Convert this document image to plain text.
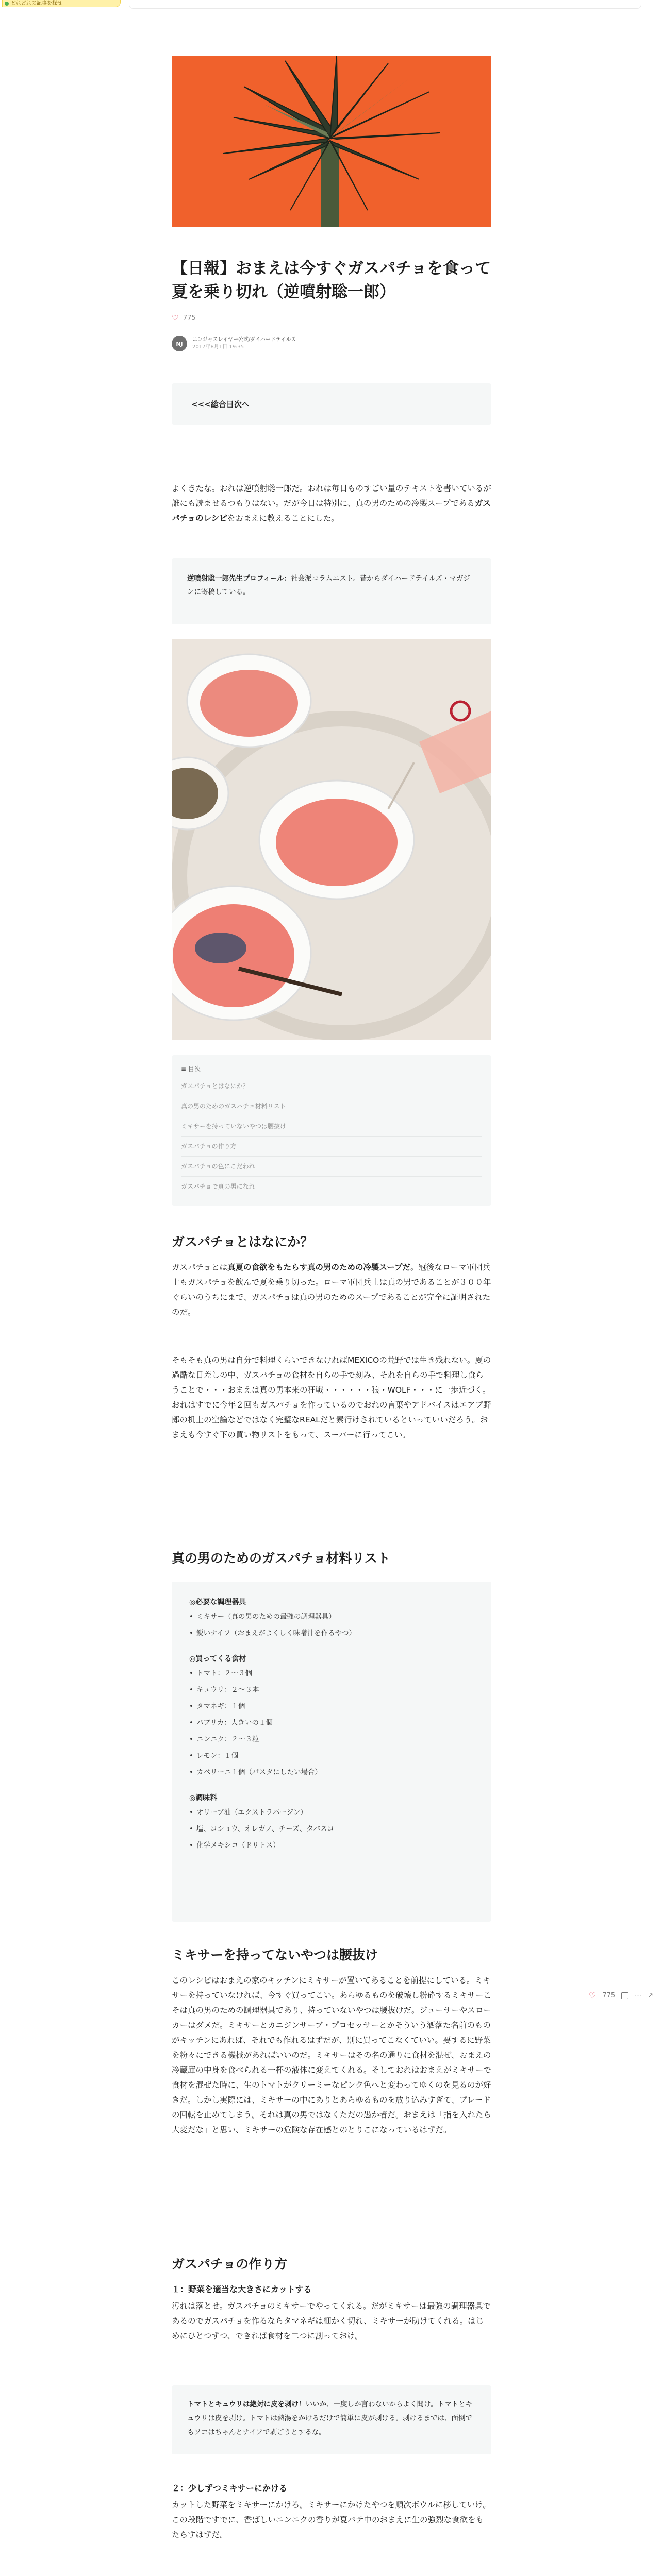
どれどれの記事を探せ
【日報】おまえは今すぐガスパチョを食って夏を乗り切れ（逆噴射聡一郎）
♡ 775
NJ
ニンジャスレイヤー公式/ダイハードテイルズ
2017年8月1日 19:35
<<<総合目次へ

よくきたな。おれは逆噴射聡一郎だ。おれは毎日ものすごい量のテキストを書いているが誰にも読ませるつもりはない。だが今日は特別に、真の男のための冷製スープであるガスパチョのレシピをおまえに教えることにした。

逆噴射聡一郎先生プロフィール：社会派コラムニスト。昔からダイハードテイルズ・マガジンに寄稿している。
≡ 目次
ガスパチョとはなにか？
真の男のためのガスパチョ材料リスト
ミキサーを持っていないやつは腰抜け
ガスパチョの作り方
ガスパチョの色にこだわれ
ガスパチョで真の男になれ
ガスパチョとはなにか？

ガスパチョとは真夏の食欲をもたらす真の男のための冷製スープだ。冠後なローマ軍団兵士もガスパチョを飲んで夏を乗り切った。ローマ軍団兵士は真の男であることが３００年ぐらいのうちにまで、ガスパチョは真の男のためのスープであることが完全に証明されたのだ。

そもそも真の男は自分で料理くらいできなければMEXICOの荒野では生き残れない。夏の過酷な日差しの中、ガスパチョの食材を自らの手で刻み、それを自らの手で料理し食らうことで・・・おまえは真の男本来の狂戦・・・・・・狼・WOLF・・・に一歩近づく。おれはすでに今年２回もガスパチョを作っているのでおれの言葉やアドバイスはエアブ野郎の机上の空論などではなく完璧なREALだと素行けされているといっていいだろう。おまえも今すぐ下の買い物リストをもって、スーパーに行ってこい。

真の男のためのガスパチョ材料リスト
◎必要な調理器具
• ミキサー（真の男のための最強の調理器具）
• 鋭いナイフ（おまえがよくしく味噌汁を作るやつ）
◎買ってくる食材
• トマト：２〜３個
• キュウリ：２〜３本
• タマネギ：１個
• パプリカ：大きいの１個
• ニンニク：２〜３粒
• レモン：１個
• カベリーニ１個（パスタにしたい場合）
◎調味料
• オリーブ油（エクストラバージン）
• 塩、コショウ、オレガノ、チーズ、タバスコ
• 化学メキシコ（ドリトス）
ミキサーを持ってないやつは腰抜け

このレシピはおまえの家のキッチンにミキサーが置いてあることを前提にしている。ミキサーを持っていなければ、今すぐ買ってこい。あらゆるものを破壊し粉砕するミキサーこそは真の男のための調理器具であり、持っていないやつは腰抜けだ。ジューサーやスローカーはダメだ。ミキサーとカニジンサーブ・プロセッサーとかそういう洒落た名前のものがキッチンにあれば、それでも作れるはずだが、別に買ってこなくていい。要するに野菜を粉々にできる機械があればいいのだ。ミキサーはその名の通りに食材を混ぜ、おまえの冷蔵庫の中身を食べられる一杯の液体に変えてくれる。そしておれはおまえがミキサーで食材を混ぜた時に、生のトマトがクリーミーなピンク色へと変わってゆくのを見るのが好きだ。しかし実際には、ミキサーの中にありとあらゆるものを放り込みすぎて、ブレードの回転を止めてしまう。それは真の男ではなくただの愚か者だ。おまえは「指を入れたら大変だな」と思い、ミキサーの危険な存在感とのとりこになっているはずだ。

♡ 775	⋯ ↗
ガスパチョの作り方
１：野菜を適当な大きさにカットする

汚れは落とせ。ガスパチョのミキサーでやってくれる。だがミキサーは最強の調理器具であるのでガスパチョを作るならタマネギは細かく切れ、ミキサーが助けてくれる。はじめにひとつずつ、できれば食材を二つに割っておけ。

トマトとキュウリは絶対に皮を剥け！いいか、一度しか言わないからよく聞け。トマトとキュウリは皮を剥け。トマトは熱湯をかけるだけで簡単に皮が剥ける。剥けるまでは、面倒でもソコはちゃんとナイフで剥ごうとするな。
２：少しずつミキサーにかける

カットした野菜をミキサーにかけろ。ミキサーにかけたやつを順次ボウルに移していけ。この段階ですでに、香ばしいニンニクの香りが夏バテ中のおまえに生の強烈な食欲をもたらすはずだ。
